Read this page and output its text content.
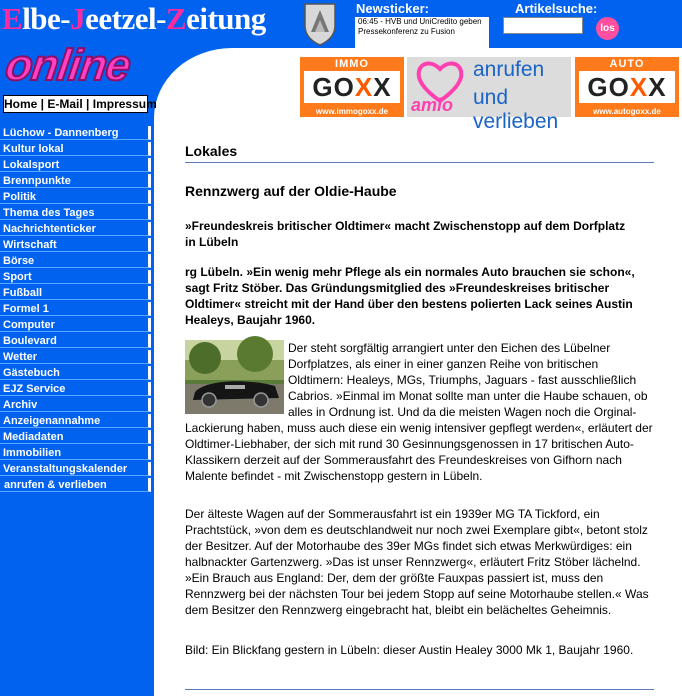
Elbe-Jeetzel-Zeitung
online
Home | E-Mail | Impressum
Newsticker:
06:45 - HVB und UniCredito geben Pressekonferenz zu Fusion
Artikelsuche:
los
IMMO
GOXX
www.immogoxx.de	amio
anrufen
und verlieben
AUTO
GOXX
www.autogoxx.de
Lüchow - Dannenberg
Kultur lokal
Lokalsport
Brennpunkte
Politik
Thema des Tages
Nachrichtenticker
Wirtschaft
Börse
Sport
Fußball
Formel 1
Computer
Boulevard
Wetter
Gästebuch
EJZ Service
Archiv
Anzeigenannahme
Mediadaten
Immobilien
Veranstaltungskalender
anrufen & verlieben
Lokales
Rennzwerg auf der Oldie-Haube
»Freundeskreis britischer Oldtimer« macht Zwischenstopp auf dem Dorfplatz in Lübeln
rg Lübeln. »Ein wenig mehr Pflege als ein normales Auto brauchen sie schon«, sagt Fritz Stöber. Das Gründungsmitglied des »Freundeskreises britischer Oldtimer« streicht mit der Hand über den bestens polierten Lack seines Austin Healeys, Baujahr 1960.
Der steht sorgfältig arrangiert unter den Eichen des Lübelner Dorfplatzes, als einer in einer ganzen Reihe von britischen Oldtimern: Healeys, MGs, Triumphs, Jaguars - fast ausschließlich Cabrios. »Einmal im Monat sollte man unter die Haube schauen, ob alles in Ordnung ist. Und da die meisten Wagen noch die Orginal-Lackierung haben, muss auch diese ein wenig intensiver gepflegt werden«, erläutert der Oldtimer-Liebhaber, der sich mit rund 30 Gesinnungsgenossen in 17 britischen Auto-Klassikern derzeit auf der Sommerausfahrt des Freundeskreises von Gifhorn nach Malente befindet - mit Zwischenstopp gestern in Lübeln.
Der älteste Wagen auf der Sommerausfahrt ist ein 1939er MG TA Tickford, ein Prachtstück, »von dem es deutschlandweit nur noch zwei Exemplare gibt«, betont stolz der Besitzer. Auf der Motorhaube des 39er MGs findet sich etwas Merkwürdiges: ein halbnackter Gartenzwerg. »Das ist unser Rennzwerg«, erläutert Fritz Stöber lächelnd. »Ein Brauch aus England: Der, dem der größte Fauxpas passiert ist, muss den Rennzwerg bei der nächsten Tour bei jedem Stopp auf seine Motorhaube stellen.« Was dem Besitzer den Rennzwerg eingebracht hat, bleibt ein belächeltes Geheimnis.
Bild: Ein Blickfang gestern in Lübeln: dieser Austin Healey 3000 Mk 1, Baujahr 1960.
